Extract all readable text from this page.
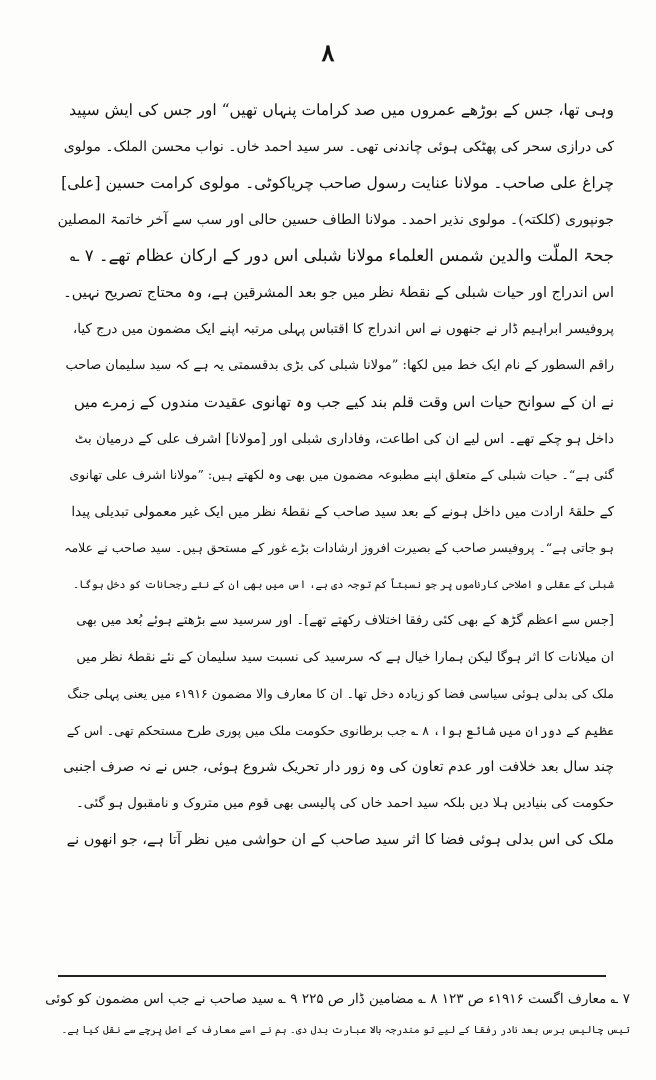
۸
وہی تھا، جس کے بوڑھے عمروں میں صد کرامات پنہاں تھیں“ اور جس کی ایش سپید
کی درازی سحر کی پھٹکی ہوئی چاندنی تھی۔ سر سید احمد خاں۔ نواب محسن الملک۔ مولوی
چراغ علی صاحب۔ مولانا عنایت رسول صاحب چریاکوٹی۔ مولوی کرامت حسین [علی]
جونپوری (کلکتہ)۔ مولوی نذیر احمد۔ مولانا الطاف حسین حالی اور سب سے آخر خاتمۃ المصلین
جحۃ الملّت والدین شمس العلماء مولانا شبلی اس دور کے ارکان عظام تھے۔ ۷ ؎
اس اندراج اور حیات شبلی کے نقطۂ نظر میں جو بعد المشرقین ہے، وہ محتاج تصریح نہیں۔
پروفیسر ابراہیم ڈار نے جنھوں نے اس اندراج کا اقتباس پہلی مرتبہ اپنے ایک مضمون میں درج کیا،
راقم السطور کے نام ایک خط میں لکھا: ”مولانا شبلی کی بڑی بدقسمتی یہ ہے کہ سید سلیمان صاحب
نے ان کے سوانح حیات اس وقت قلم بند کیے جب وہ تھانوی عقیدت مندوں کے زمرے میں
داخل ہو چکے تھے۔ اس لیے ان کی اطاعت، وفاداری شبلی اور [مولانا] اشرف علی کے درمیان بٹ
گئی ہے“۔ حیات شبلی کے متعلق اپنے مطبوعہ مضمون میں بھی وہ لکھتے ہیں: ”مولانا اشرف علی تھانوی
کے حلقۂ ارادت میں داخل ہونے کے بعد سید صاحب کے نقطۂ نظر میں ایک غیر معمولی تبدیلی پیدا
ہو جاتی ہے“۔ پروفیسر صاحب کے بصیرت افروز ارشادات بڑے غور کے مستحق ہیں۔ سید صاحب نے علامہ
شبلی کے عقلی و اصلاحی کارناموں پر جو نسبتاً کم توجہ دی ہے، اس میں بھی ان کے نئے رجحانات کو دخل ہوگا۔
[جس سے اعظم گڑھ کے بھی کئی رفقا اختلاف رکھتے تھے]۔ اور سرسید سے بڑھتے ہوئے بُعد میں بھی
ان میلانات کا اثر ہوگا لیکن ہمارا خیال ہے کہ سرسید کی نسبت سید سلیمان کے نئے نقطۂ نظر میں
ملک کی بدلی ہوئی سیاسی فضا کو زیادہ دخل تھا۔ ان کا معارف والا مضمون ۱۹۱۶ء میں یعنی پہلی جنگ
عظیم کے دوران میں شائع ہوا، ۸ ؎ جب برطانوی حکومت ملک میں پوری طرح مستحکم تھی۔ اس کے
چند سال بعد خلافت اور عدم تعاون کی وہ زور دار تحریک شروع ہوئی، جس نے نہ صرف اجنبی
حکومت کی بنیادیں ہلا دیں بلکہ سید احمد خاں کی پالیسی بھی قوم میں متروک و نامقبول ہو گئی۔
ملک کی اس بدلی ہوئی فضا کا اثر سید صاحب کے ان حواشی میں نظر آتا ہے، جو انھوں نے
۷ ؎ معارف اگست ۱۹۱۶ء ص ۱۲۳ ۸ ؎ مضامین ڈار ص ۲۲۵ ۹ ؎ سید صاحب نے جب اس مضمون کو کوئی
تیس چالیس برس بعد نادر رفقا کے لیے تو مندرجہ بالا عبارت بدل دی۔ ہم نے اسے معارف کے اصل پرچے سے نقل کیا ہے۔
